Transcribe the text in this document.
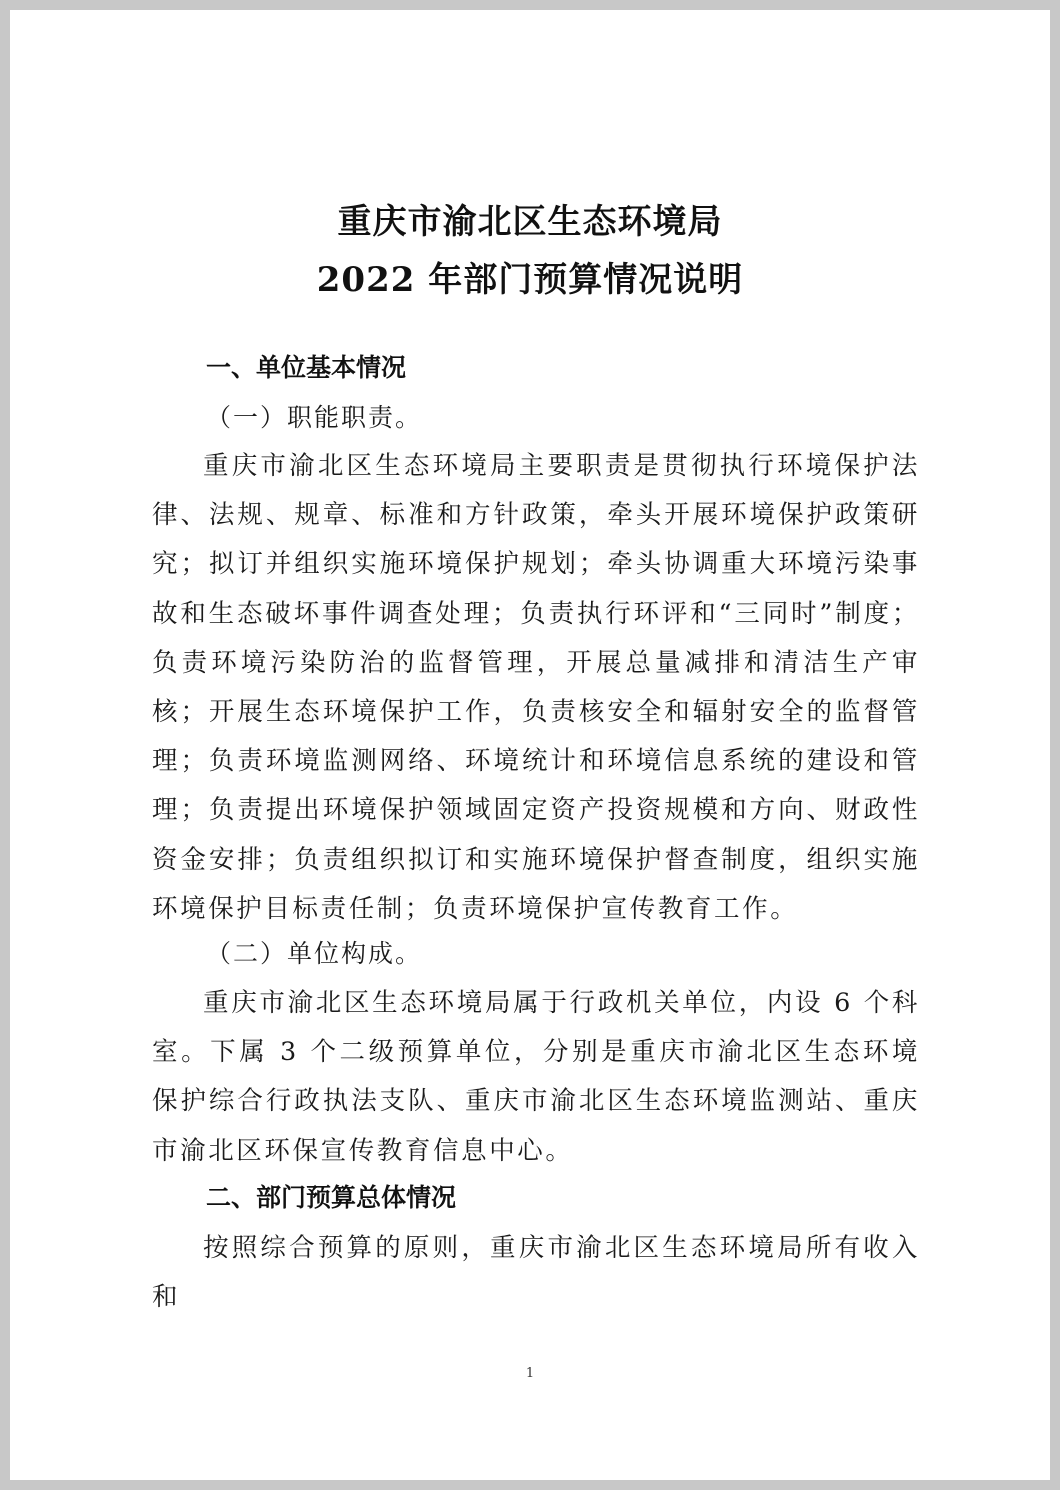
重庆市渝北区生态环境局
2022 年部门预算情况说明
一、单位基本情况
（一）职能职责。

重庆市渝北区生态环境局主要职责是贯彻执行环境保护法律、法规、规章、标准和方针政策，牵头开展环境保护政策研究；拟订并组织实施环境保护规划；牵头协调重大环境污染事故和生态破坏事件调查处理；负责执行环评和“三同时”制度；负责环境污染防治的监督管理，开展总量减排和清洁生产审核；开展生态环境保护工作，负责核安全和辐射安全的监督管理；负责环境监测网络、环境统计和环境信息系统的建设和管理；负责提出环境保护领域固定资产投资规模和方向、财政性资金安排；负责组织拟订和实施环境保护督查制度，组织实施环境保护目标责任制；负责环境保护宣传教育工作。

（二）单位构成。

重庆市渝北区生态环境局属于行政机关单位，内设 6 个科室。下属 3 个二级预算单位，分别是重庆市渝北区生态环境保护综合行政执法支队、重庆市渝北区生态环境监测站、重庆市渝北区环保宣传教育信息中心。

二、部门预算总体情况

按照综合预算的原则，重庆市渝北区生态环境局所有收入和

1
